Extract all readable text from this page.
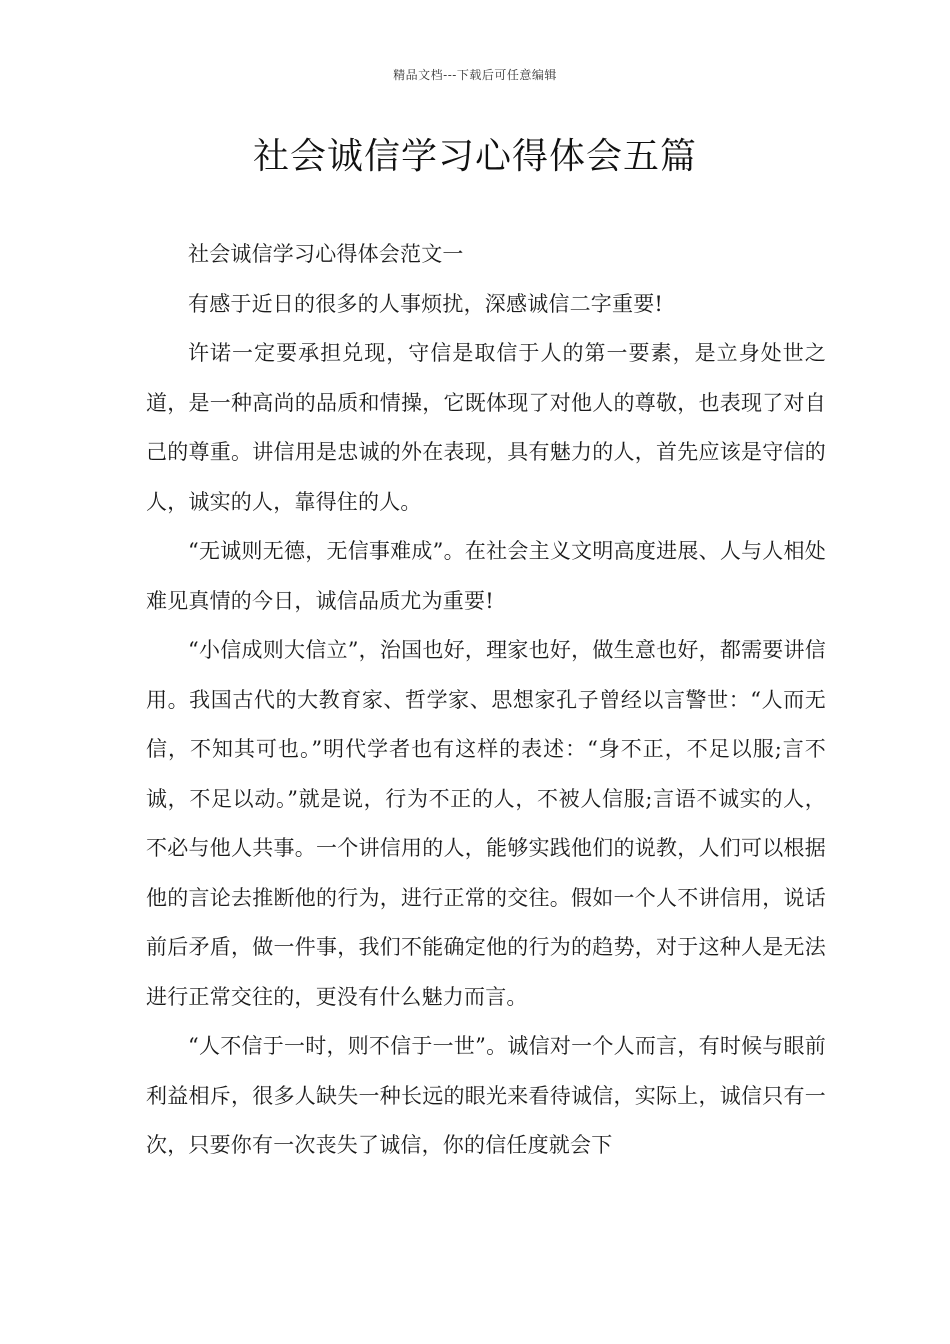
精品文档---下载后可任意编辑
社会诚信学习心得体会五篇

社会诚信学习心得体会范文一

有感于近日的很多的人事烦扰，深感诚信二字重要!

许诺一定要承担兑现，守信是取信于人的第一要素，是立身处世之道，是一种高尚的品质和情操，它既体现了对他人的尊敬，也表现了对自己的尊重。讲信用是忠诚的外在表现，具有魅力的人，首先应该是守信的人，诚实的人，靠得住的人。

“无诚则无德，无信事难成”。在社会主义文明高度进展、人与人相处难见真情的今日，诚信品质尤为重要!

“小信成则大信立”，治国也好，理家也好，做生意也好，都需要讲信用。我国古代的大教育家、哲学家、思想家孔子曾经以言警世：“人而无信，不知其可也。”明代学者也有这样的表述：“身不正，不足以服;言不诚，不足以动。”就是说，行为不正的人，不被人信服;言语不诚实的人，不必与他人共事。一个讲信用的人，能够实践他们的说教，人们可以根据他的言论去推断他的行为，进行正常的交往。假如一个人不讲信用，说话前后矛盾，做一件事，我们不能确定他的行为的趋势，对于这种人是无法进行正常交往的，更没有什么魅力而言。

“人不信于一时，则不信于一世”。诚信对一个人而言，有时候与眼前利益相斥，很多人缺失一种长远的眼光来看待诚信，实际上，诚信只有一次，只要你有一次丧失了诚信，你的信任度就会下
